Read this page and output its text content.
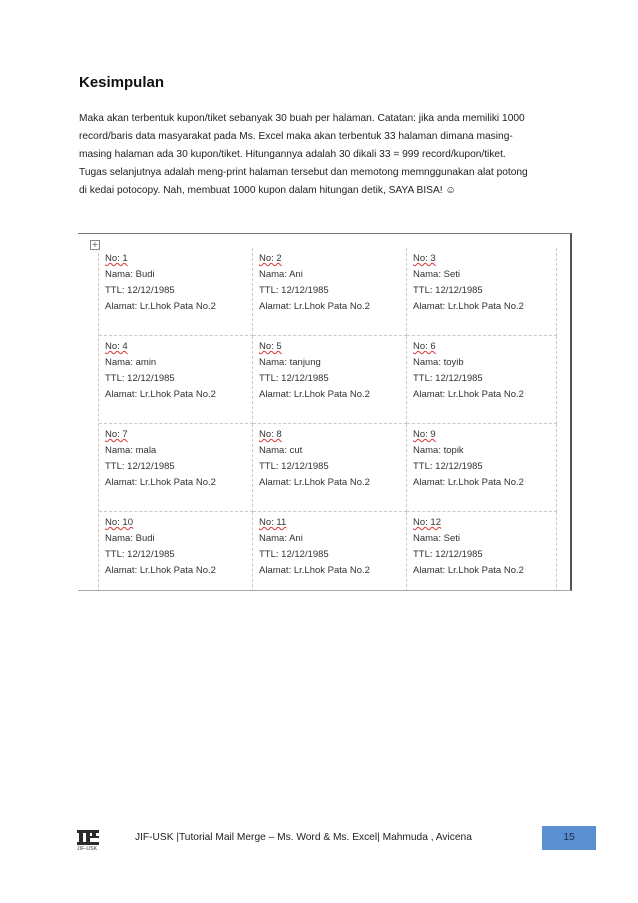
Kesimpulan

Maka akan terbentuk kupon/tiket sebanyak 30 buah per halaman. Catatan: jika anda memiliki 1000

record/baris data masyarakat pada Ms. Excel maka akan terbentuk 33 halaman dimana masing-

masing halaman ada 30 kupon/tiket. Hitungannya adalah 30 dikali 33 = 999 record/kupon/tiket.

Tugas selanjutnya adalah meng-print halaman tersebut dan memotong memnggunakan alat potong

di kedai potocopy. Nah, membuat 1000 kupon dalam hitungan detik, SAYA BISA! ☺

+
No: 1
Nama: Budi
TTL: 12/12/1985
Alamat: Lr.Lhok Pata No.2
No: 2
Nama: Ani
TTL: 12/12/1985
Alamat: Lr.Lhok Pata No.2
No: 3
Nama: Seti
TTL: 12/12/1985
Alamat: Lr.Lhok Pata No.2
No: 4
Nama: amin
TTL: 12/12/1985
Alamat: Lr.Lhok Pata No.2
No: 5
Nama: tanjung
TTL: 12/12/1985
Alamat: Lr.Lhok Pata No.2
No: 6
Nama: toyib
TTL: 12/12/1985
Alamat: Lr.Lhok Pata No.2
No: 7
Nama: mala
TTL: 12/12/1985
Alamat: Lr.Lhok Pata No.2
No: 8
Nama: cut
TTL: 12/12/1985
Alamat: Lr.Lhok Pata No.2
No: 9
Nama: topik
TTL: 12/12/1985
Alamat: Lr.Lhok Pata No.2
No: 10
Nama: Budi
TTL: 12/12/1985
Alamat: Lr.Lhok Pata No.2
No: 11
Nama: Ani
TTL: 12/12/1985
Alamat: Lr.Lhok Pata No.2
No: 12
Nama: Seti
TTL: 12/12/1985
Alamat: Lr.Lhok Pata No.2
JIF-USK
JIF-USK |Tutorial Mail Merge – Ms. Word & Ms. Excel| Mahmuda , Avicena	15
